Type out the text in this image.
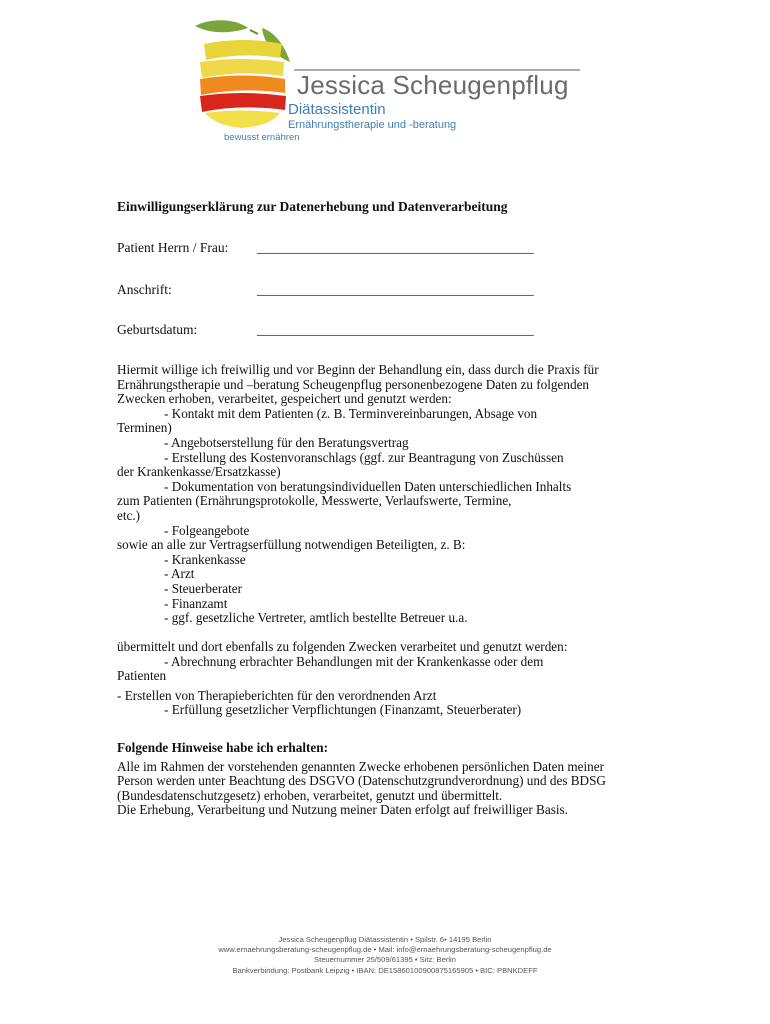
Jessica Scheugenpflug
Diätassistentin
Ernährungstherapie und -beratung
bewusst ernähren
Einwilligungserklärung zur Datenerhebung und Datenverarbeitung
Patient Herrn / Frau: _________________________________________
Anschrift:	_________________________________________
Geburtsdatum:	_________________________________________

Hiermit willige ich freiwillig und vor Beginn der Behandlung ein, dass durch die Praxis für

Ernährungstherapie und –beratung Scheugenpflug personenbezogene Daten zu folgenden

Zwecken erhoben, verarbeitet, gespeichert und genutzt werden:

- Kontakt mit dem Patienten (z. B. Terminvereinbarungen, Absage von

Terminen)

- Angebotserstellung für den Beratungsvertrag

- Erstellung des Kostenvoranschlags (ggf. zur Beantragung von Zuschüssen

der Krankenkasse/Ersatzkasse)

- Dokumentation von beratungsindividuellen Daten unterschiedlichen Inhalts

zum Patienten (Ernährungsprotokolle, Messwerte, Verlaufswerte, Termine,

etc.)

- Folgeangebote

sowie an alle zur Vertragserfüllung notwendigen Beteiligten, z. B:

- Krankenkasse

- Arzt

- Steuerberater

- Finanzamt

- ggf. gesetzliche Vertreter, amtlich bestellte Betreuer u.a.

übermittelt und dort ebenfalls zu folgenden Zwecken verarbeitet und genutzt werden:

- Abrechnung erbrachter Behandlungen mit der Krankenkasse oder dem

Patienten

- Erstellen von Therapieberichten für den verordnenden Arzt

- Erfüllung gesetzlicher Verpflichtungen (Finanzamt, Steuerberater)

Folgende Hinweise habe ich erhalten:

Alle im Rahmen der vorstehenden genannten Zwecke erhobenen persönlichen Daten meiner

Person werden unter Beachtung des DSGVO (Datenschutzgrundverordnung) und des BDSG

(Bundesdatenschutzgesetz) erhoben, verarbeitet, genutzt und übermittelt.

Die Erhebung, Verarbeitung und Nutzung meiner Daten erfolgt auf freiwilliger Basis.

Jessica Scheugenpflug Diätassistentin • Spilstr. 6• 14195 Berlin
www.ernaehrungsberatung-scheugenpflug.de • Mail: info@ernaehrungsberatung-scheugenpflug.de
Steuernummer 25/509/61395 • Sitz: Berlin
Bankverbindung: Postbank Leipzig • IBAN: DE15860100900875165905 • BIC: PBNKDEFF
